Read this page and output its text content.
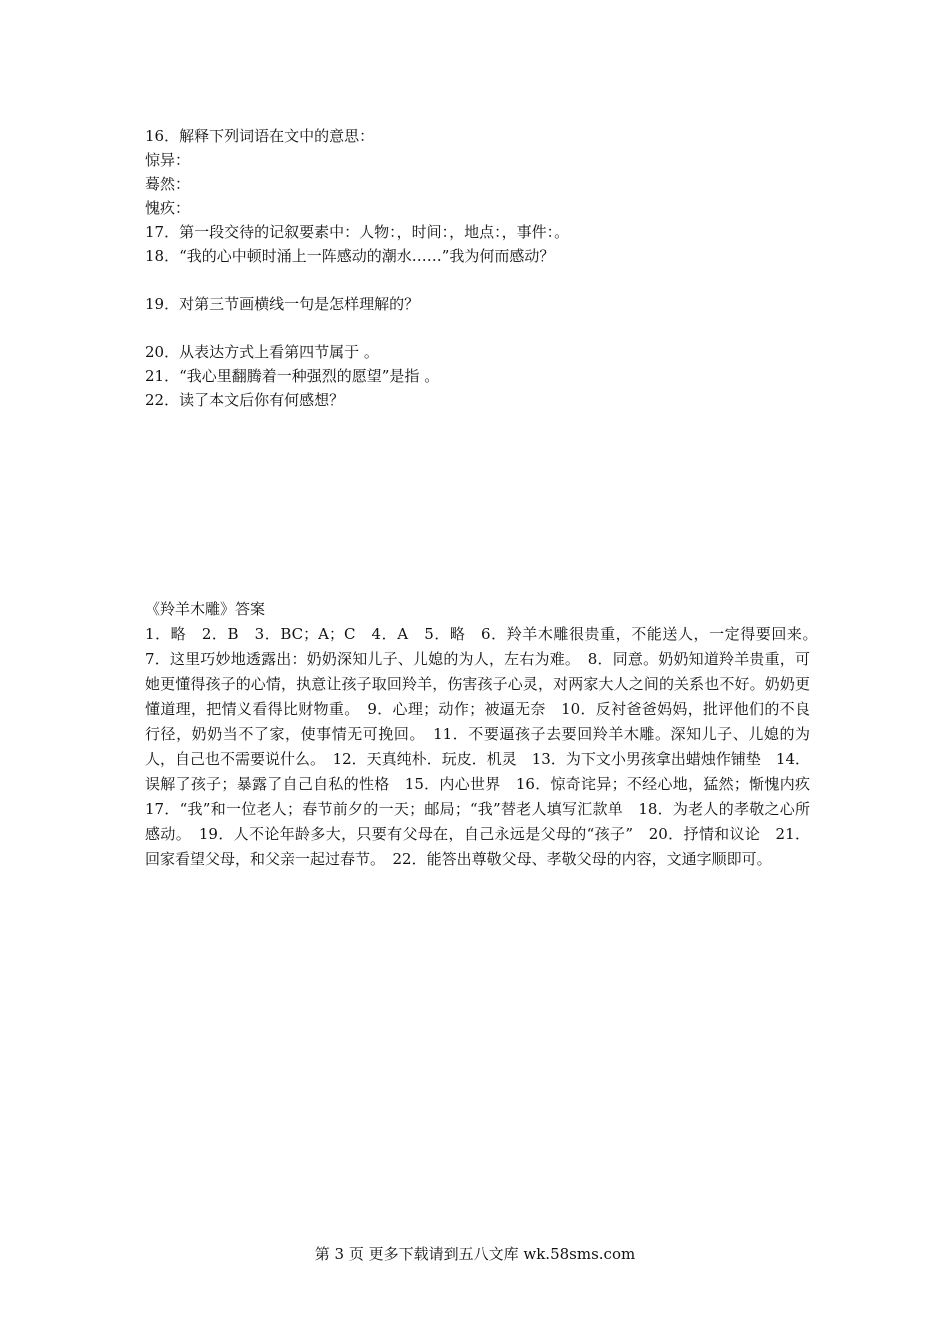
16．解释下列词语在文中的意思：
惊异：
蓦然：
愧疚：
17．第一段交待的记叙要素中：人物：，时间：，地点：，事件：。
18．“我的心中顿时涌上一阵感动的潮水……”我为何而感动？
19．对第三节画横线一句是怎样理解的？
20．从表达方式上看第四节属于 。
21．“我心里翻腾着一种强烈的愿望”是指 。
22．读了本文后你有何感想？
《羚羊木雕》答案
1．略　2．B　3．BC；A；C　4．A　5．略　6．羚羊木雕很贵重，不能送人，一定得要回来。　7．这里巧妙地透露出：奶奶深知儿子、儿媳的为人，左右为难。　8．同意。奶奶知道羚羊贵重，可她更懂得孩子的心情，执意让孩子取回羚羊，伤害孩子心灵，对两家大人之间的关系也不好。奶奶更懂道理，把情义看得比财物重。　9．心理；动作；被逼无奈　10．反衬爸爸妈妈，批评他们的不良行径，奶奶当不了家，使事情无可挽回。　11．不要逼孩子去要回羚羊木雕。深知儿子、儿媳的为人，自己也不需要说什么。　12．天真纯朴．玩皮．机灵　13．为下文小男孩拿出蜡烛作铺垫　14．误解了孩子；暴露了自己自私的性格　15．内心世界　16．惊奇诧异；不经心地，猛然；惭愧内疚　17．“我”和一位老人；春节前夕的一天；邮局；“我”替老人填写汇款单　18．为老人的孝敬之心所感动。　19．人不论年龄多大，只要有父母在，自己永远是父母的“孩子”　20．抒情和议论　21．回家看望父母，和父亲一起过春节。　22．能答出尊敬父母、孝敬父母的内容，文通字顺即可。
第 3 页 更多下载请到五八文库 wk.58sms.com
